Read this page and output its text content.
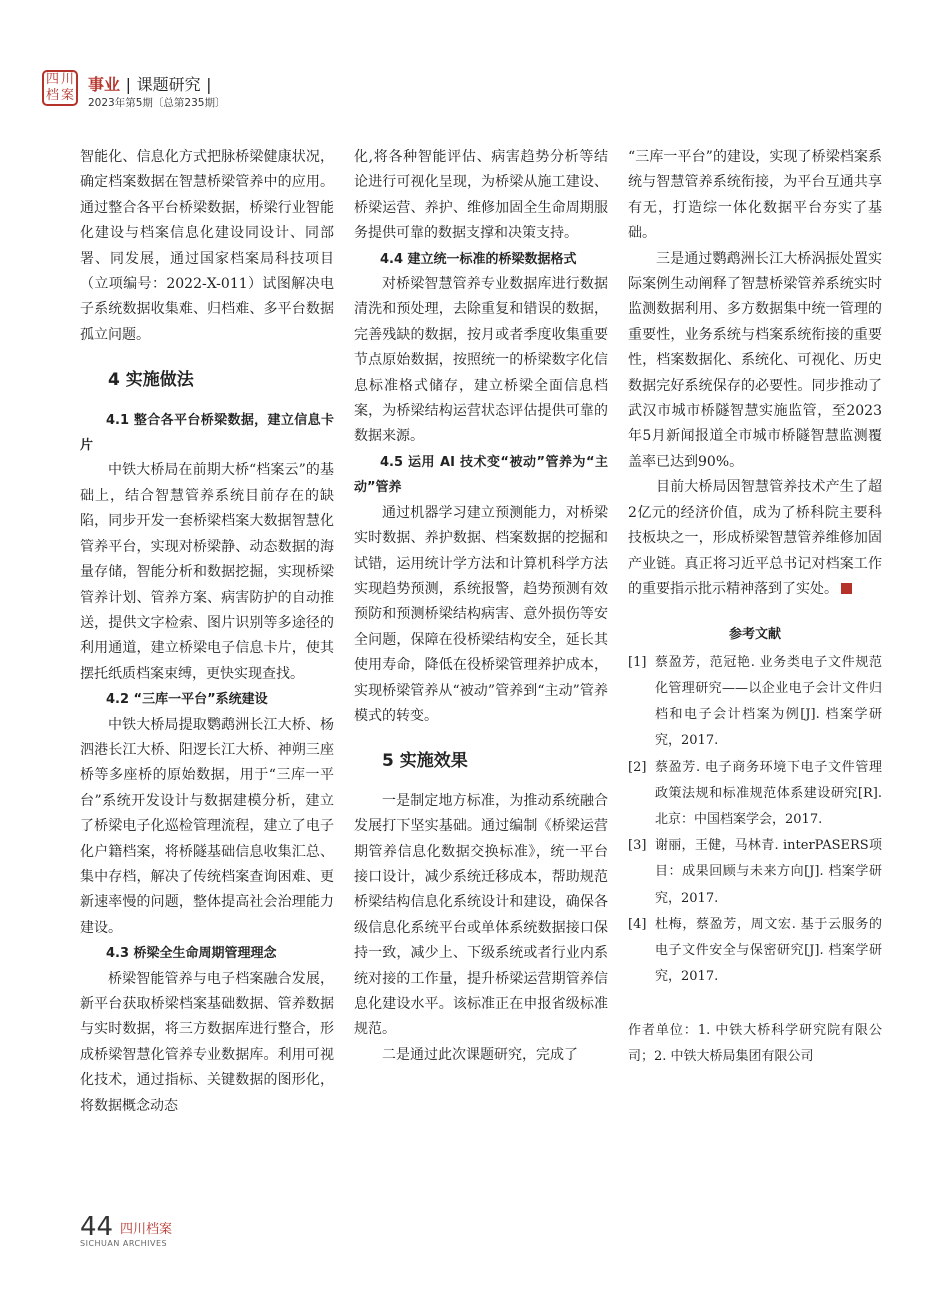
四 川
档 案
事业 | 课题研究 |
2023年第5期〔总第235期〕

智能化、信息化方式把脉桥梁健康状况，确定档案数据在智慧桥梁管养中的应用。通过整合各平台桥梁数据，桥梁行业智能化建设与档案信息化建设同设计、同部署、同发展，通过国家档案局科技项目（立项编号：2022-X-011）试图解决电子系统数据收集难、归档难、多平台数据孤立问题。

4 实施做法

4.1 整合各平台桥梁数据，建立信息卡片

中铁大桥局在前期大桥“档案云”的基础上，结合智慧管养系统目前存在的缺陷，同步开发一套桥梁档案大数据智慧化管养平台，实现对桥梁静、动态数据的海量存储，智能分析和数据挖掘，实现桥梁管养计划、管养方案、病害防护的自动推送，提供文字检索、图片识别等多途径的利用通道，建立桥梁电子信息卡片，使其摆托纸质档案束缚，更快实现查找。

4.2 “三库一平台”系统建设

中铁大桥局提取鹦鹉洲长江大桥、杨泗港长江大桥、阳逻长江大桥、神朔三座桥等多座桥的原始数据，用于“三库一平台”系统开发设计与数据建模分析，建立了桥梁电子化巡检管理流程，建立了电子化户籍档案，将桥隧基础信息收集汇总、集中存档，解决了传统档案查询困难、更新速率慢的问题，整体提高社会治理能力建设。

4.3 桥梁全生命周期管理理念

桥梁智能管养与电子档案融合发展，新平台获取桥梁档案基础数据、管养数据与实时数据，将三方数据库进行整合，形成桥梁智慧化管养专业数据库。利用可视化技术，通过指标、关键数据的图形化，将数据概念动态

化,将各种智能评估、病害趋势分析等结论进行可视化呈现，为桥梁从施工建设、桥梁运营、养护、维修加固全生命周期服务提供可靠的数据支撑和决策支持。

4.4 建立统一标准的桥梁数据格式

对桥梁智慧管养专业数据库进行数据清洗和预处理，去除重复和错误的数据，完善残缺的数据，按月或者季度收集重要节点原始数据，按照统一的桥梁数字化信息标准格式储存，建立桥梁全面信息档案，为桥梁结构运营状态评估提供可靠的数据来源。

4.5 运用 AI 技术变“被动”管养为“主动”管养

通过机器学习建立预测能力，对桥梁实时数据、养护数据、档案数据的挖掘和试错，运用统计学方法和计算机科学方法实现趋势预测，系统报警，趋势预测有效预防和预测桥梁结构病害、意外损伤等安全问题，保障在役桥梁结构安全，延长其使用寿命，降低在役桥梁管理养护成本，实现桥梁管养从“被动”管养到“主动”管养模式的转变。

5 实施效果

一是制定地方标准，为推动系统融合发展打下坚实基础。通过编制《桥梁运营期管养信息化数据交换标准》，统一平台接口设计，减少系统迁移成本，帮助规范桥梁结构信息化系统设计和建设，确保各级信息化系统平台或单体系统数据接口保持一致，减少上、下级系统或者行业内系统对接的工作量，提升桥梁运营期管养信息化建设水平。该标准正在申报省级标准规范。

二是通过此次课题研究，完成了

“三库一平台”的建设，实现了桥梁档案系统与智慧管养系统衔接，为平台互通共享有无，打造综一体化数据平台夯实了基础。

三是通过鹦鹉洲长江大桥涡振处置实际案例生动阐释了智慧桥梁管养系统实时监测数据利用、多方数据集中统一管理的重要性，业务系统与档案系统衔接的重要性，档案数据化、系统化、可视化、历史数据完好系统保存的必要性。同步推动了武汉市城市桥隧智慧实施监管，至2023年5月新闻报道全市城市桥隧智慧监测覆盖率已达到90%。

目前大桥局因智慧管养技术产生了超2亿元的经济价值，成为了桥科院主要科技板块之一，形成桥梁智慧管养维修加固产业链。真正将习近平总书记对档案工作的重要指示批示精神落到了实处。

参考文献
[1] 蔡盈芳，范冠艳. 业务类电子文件规范化管理研究——以企业电子会计文件归档和电子会计档案为例[J]. 档案学研究，2017.
[2] 蔡盈芳. 电子商务环境下电子文件管理政策法规和标准规范体系建设研究[R]. 北京：中国档案学会，2017.
[3] 谢丽，王健，马林青. interPASERS项目：成果回顾与未来方向[J]. 档案学研究，2017.
[4] 杜梅，蔡盈芳，周文宏. 基于云服务的电子文件安全与保密研究[J]. 档案学研究，2017.
作者单位：1. 中铁大桥科学研究院有限公司；2. 中铁大桥局集团有限公司
44 四川档案
SICHUAN ARCHIVES
